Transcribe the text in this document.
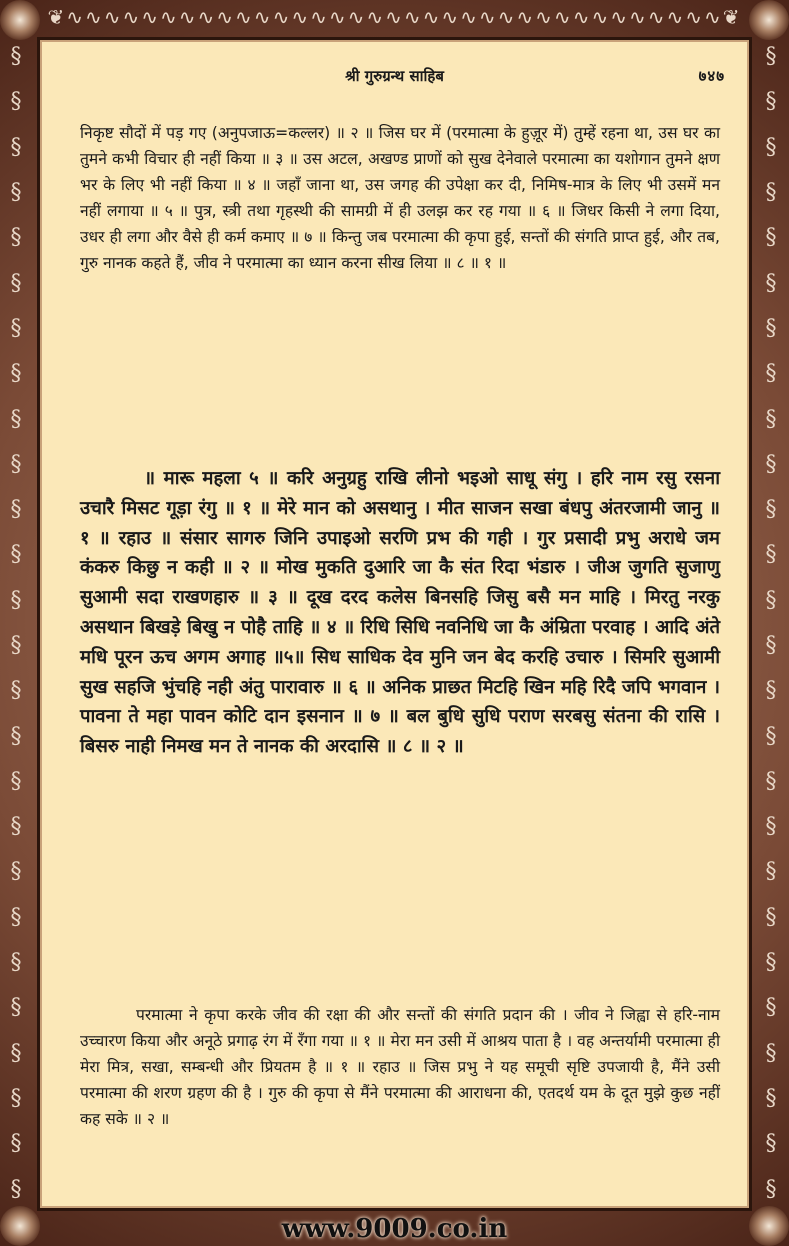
❦∿∿∿∿∿∿∿∿∿∿∿∿∿∿∿∿∿∿∿∿∿∿∿∿∿∿∿∿∿∿∿∿∿∿∿❦
§
§
§
§
§
§
§
§
§
§
§
§
§
§
§
§
§
§
§
§
§
§
§
§
§
§
§
§
§
§
§
§
§
§
§
§
§
§
§
§
§
§
§
§
§
§
§
§
§
§
§
§
श्री गुरुग्रन्थ साहिब	७४७
निकृष्ट सौदों में पड़ गए (अनुपजाऊ=कल्लर) ॥ २ ॥ जिस घर में (परमात्मा के हुज़ूर में) तुम्हें रहना था, उस घर का तुमने कभी विचार ही नहीं किया ॥ ३ ॥ उस अटल, अखण्ड प्राणों को सुख देनेवाले परमात्मा का यशोगान तुमने क्षण भर के लिए भी नहीं किया ॥ ४ ॥ जहाँ जाना था, उस जगह की उपेक्षा कर दी, निमिष-मात्र के लिए भी उसमें मन नहीं लगाया ॥ ५ ॥ पुत्र, स्त्री तथा गृहस्थी की सामग्री में ही उलझ कर रह गया ॥ ६ ॥ जिधर किसी ने लगा दिया, उधर ही लगा और वैसे ही कर्म कमाए ॥ ७ ॥ किन्तु जब परमात्मा की कृपा हुई, सन्तों की संगति प्राप्त हुई, और तब, गुरु नानक कहते हैं, जीव ने परमात्मा का ध्यान करना सीख लिया ॥ ८ ॥ १ ॥
॥ मारू महला ५ ॥ करि अनुग्रहु राखि लीनो भइओ साधू संगु । हरि नाम रसु रसना उचारै मिसट गूड़ा रंगु ॥ १ ॥ मेरे मान को असथानु । मीत साजन सखा बंधपु अंतरजामी जानु ॥ १ ॥ रहाउ ॥ संसार सागरु जिनि उपाइओ सरणि प्रभ की गही । गुर प्रसादी प्रभु अराधे जम कंकरु किछु न कही ॥ २ ॥ मोख मुकति दुआरि जा कै संत रिदा भंडारु । जीअ जुगति सुजाणु सुआमी सदा राखणहारु ॥ ३ ॥ दूख दरद कलेस बिनसहि जिसु बसै मन माहि । मिरतु नरकु असथान बिखड़े बिखु न पोहै ताहि ॥ ४ ॥ रिधि सिधि नवनिधि जा कै अंम्रिता परवाह । आदि अंते मधि पूरन ऊच अगम अगाह ॥५॥ सिध साधिक देव मुनि जन बेद करहि उचारु । सिमरि सुआमी सुख सहजि भुंचहि नही अंतु पारावारु ॥ ६ ॥ अनिक प्राछत मिटहि खिन महि रिदै जपि भगवान । पावना ते महा पावन कोटि दान इसनान ॥ ७ ॥ बल बुधि सुधि पराण सरबसु संतना की रासि । बिसरु नाही निमख मन ते नानक की अरदासि ॥ ८ ॥ २ ॥
परमात्मा ने कृपा करके जीव की रक्षा की और सन्तों की संगति प्रदान की । जीव ने जिह्वा से हरि-नाम उच्चारण किया और अनूठे प्रगाढ़ रंग में रँगा गया ॥ १ ॥ मेरा मन उसी में आश्रय पाता है । वह अन्तर्यामी परमात्मा ही मेरा मित्र, सखा, सम्बन्धी और प्रियतम है ॥ १ ॥ रहाउ ॥ जिस प्रभु ने यह समूची सृष्टि उपजायी है, मैंने उसी परमात्मा की शरण ग्रहण की है । गुरु की कृपा से मैंने परमात्मा की आराधना की, एतदर्थ यम के दूत मुझे कुछ नहीं कह सके ॥ २ ॥
www.9009.co.in
